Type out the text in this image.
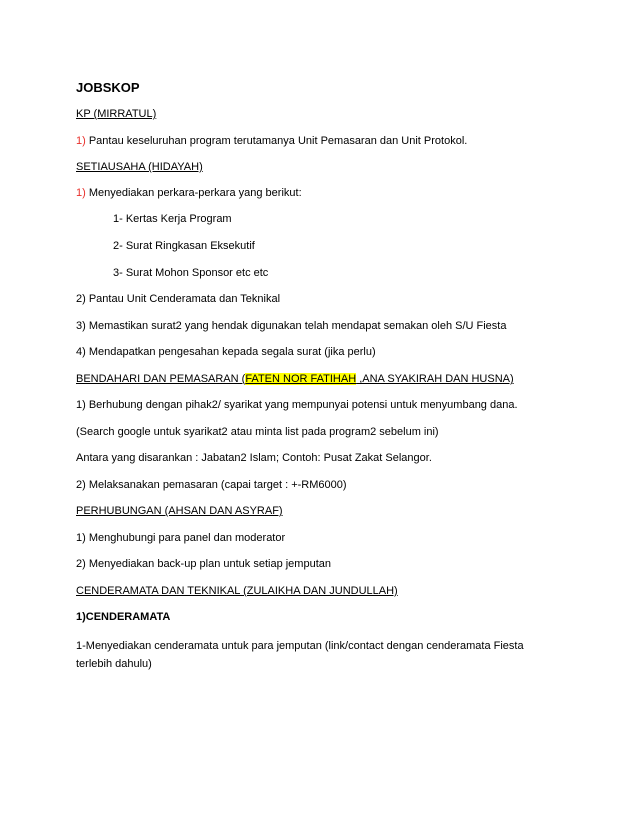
JOBSKOP

KP (MIRRATUL)

1) Pantau keseluruhan program terutamanya Unit Pemasaran dan Unit Protokol.

SETIAUSAHA (HIDAYAH)

1) Menyediakan perkara-perkara yang berikut:

1- Kertas Kerja Program

2- Surat Ringkasan Eksekutif

3- Surat Mohon Sponsor etc etc

2) Pantau Unit Cenderamata dan Teknikal

3) Memastikan surat2 yang hendak digunakan telah mendapat semakan oleh S/U Fiesta

4) Mendapatkan pengesahan kepada segala surat (jika perlu)

BENDAHARI DAN PEMASARAN (FATEN NOR FATIHAH ,ANA SYAKIRAH DAN HUSNA)

1) Berhubung dengan pihak2/ syarikat yang mempunyai potensi untuk menyumbang dana.

(Search google untuk syarikat2 atau minta list pada program2 sebelum ini)

Antara yang disarankan : Jabatan2 Islam; Contoh: Pusat Zakat Selangor.

2) Melaksanakan pemasaran (capai target : +-RM6000)

PERHUBUNGAN (AHSAN DAN ASYRAF)

1) Menghubungi para panel dan moderator

2) Menyediakan back-up plan untuk setiap jemputan

CENDERAMATA DAN TEKNIKAL (ZULAIKHA DAN JUNDULLAH)

1)CENDERAMATA

1-Menyediakan cenderamata untuk para jemputan (link/contact dengan cenderamata Fiesta terlebih dahulu)
